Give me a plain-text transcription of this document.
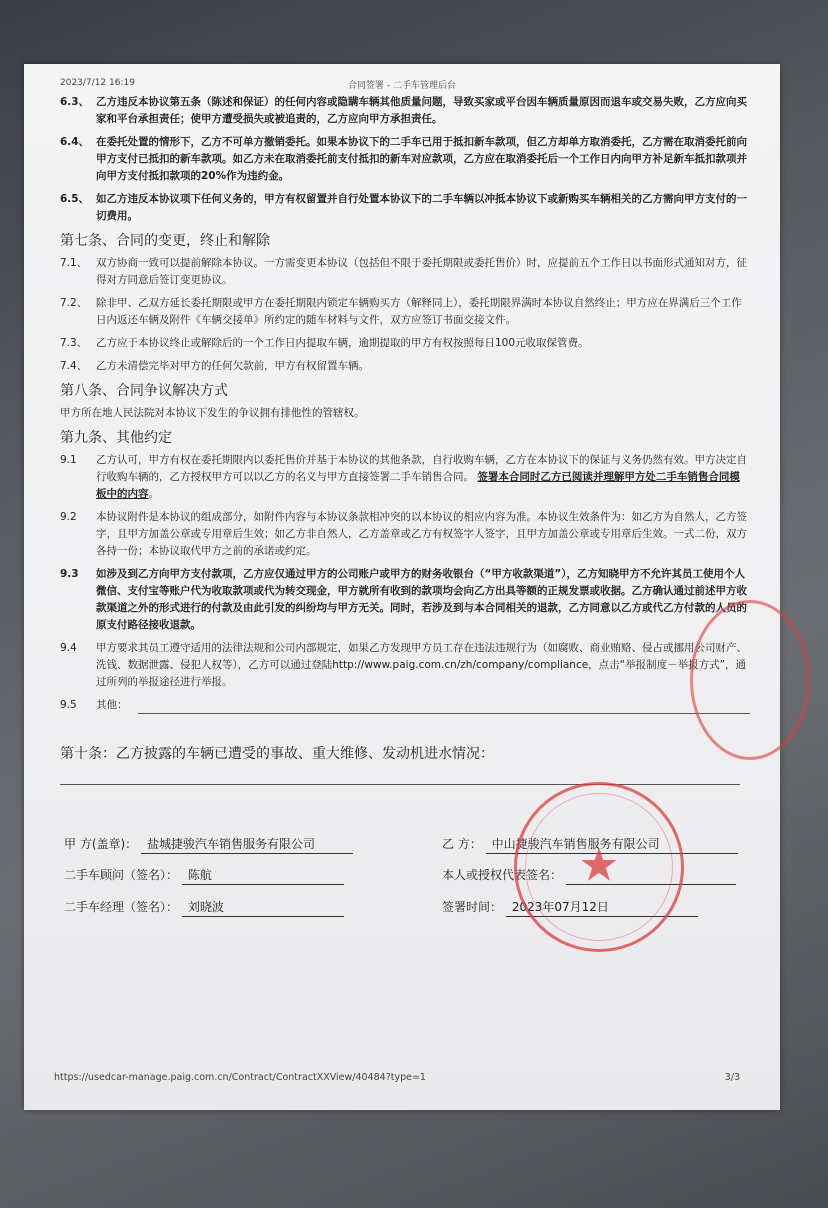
2023/7/12 16:19	合同签署 - 二手车管理后台
6.3、 乙方违反本协议第五条（陈述和保证）的任何内容或隐瞒车辆其他质量问题，导致买家或平台因车辆质量原因而退车或交易失败，乙方应向买家和平台承担责任；使甲方遭受损失或被追责的，乙方应向甲方承担责任。
6.4、 在委托处置的情形下，乙方不可单方撤销委托。如果本协议下的二手车已用于抵扣新车款项，但乙方却单方取消委托，乙方需在取消委托前向甲方支付已抵扣的新车款项。如乙方未在取消委托前支付抵扣的新车对应款项，乙方应在取消委托后一个工作日内向甲方补足新车抵扣款项并向甲方支付抵扣款项的20%作为违约金。
6.5、 如乙方违反本协议项下任何义务的，甲方有权留置并自行处置本协议下的二手车辆以冲抵本协议下或新购买车辆相关的乙方需向甲方支付的一切费用。
第七条、合同的变更，终止和解除
7.1、 双方协商一致可以提前解除本协议。一方需变更本协议（包括但不限于委托期限或委托售价）时，应提前五个工作日以书面形式通知对方，征得对方同意后签订变更协议。
7.2、 除非甲、乙双方延长委托期限或甲方在委托期限内锁定车辆购买方（解释同上），委托期限界满时本协议自然终止；甲方应在界满后三个工作日内返还车辆及附件《车辆交接单》所约定的随车材料与文件，双方应签订书面交接文件。
7.3、 乙方应于本协议终止或解除后的一个工作日内提取车辆，逾期提取的甲方有权按照每日100元收取保管费。
7.4、 乙方未清偿完毕对甲方的任何欠款前，甲方有权留置车辆。
第八条、合同争议解决方式
甲方所在地人民法院对本协议下发生的争议拥有排他性的管辖权。
第九条、其他约定
9.1 乙方认可，甲方有权在委托期限内以委托售价并基于本协议的其他条款，自行收购车辆，乙方在本协议下的保证与义务仍然有效。甲方决定自行收购车辆的，乙方授权甲方可以以乙方的名义与甲方直接签署二手车销售合同。 签署本合同时乙方已阅读并理解甲方处二手车销售合同模板中的内容。
9.2 本协议附件是本协议的组成部分，如附件内容与本协议条款相冲突的以本协议的相应内容为准。本协议生效条件为：如乙方为自然人，乙方签字，且甲方加盖公章或专用章后生效；如乙方非自然人，乙方盖章或乙方有权签字人签字，且甲方加盖公章或专用章后生效。一式二份，双方各持一份；本协议取代甲方之前的承诺或约定。
9.3 如涉及到乙方向甲方支付款项，乙方应仅通过甲方的公司账户或甲方的财务收银台（“甲方收款渠道”），乙方知晓甲方不允许其员工使用个人微信、支付宝等账户代为收取款项或代为转交现金，甲方就所有收到的款项均会向乙方出具等额的正规发票或收据。乙方确认通过前述甲方收款渠道之外的形式进行的付款及由此引发的纠纷均与甲方无关。同时，若涉及到与本合同相关的退款，乙方同意以乙方或代乙方付款的人员的原支付路径接收退款。
9.4 甲方要求其员工遵守适用的法律法规和公司内部规定，如果乙方发现甲方员工存在违法违规行为（如腐败、商业贿赂、侵占或挪用公司财产、洗钱、数据泄露、侵犯人权等），乙方可以通过登陆http://www.paig.com.cn/zh/company/compliance，点击“举报制度－举报方式”，通过所列的举报途径进行举报。
9.5 其他：
第十条：乙方披露的车辆已遭受的事故、重大维修、发动机进水情况：
甲 方(盖章)： 盐城捷骏汽车销售服务有限公司
二手车顾问（签名）： 陈航
二手车经理（签名）： 刘晓波
乙 方： 中山捷骏汽车销售服务有限公司
本人或授权代表签名：
签署时间： 2023年07月12日
★
https://usedcar-manage.paig.com.cn/Contract/ContractXXView/40484?type=1	3/3
